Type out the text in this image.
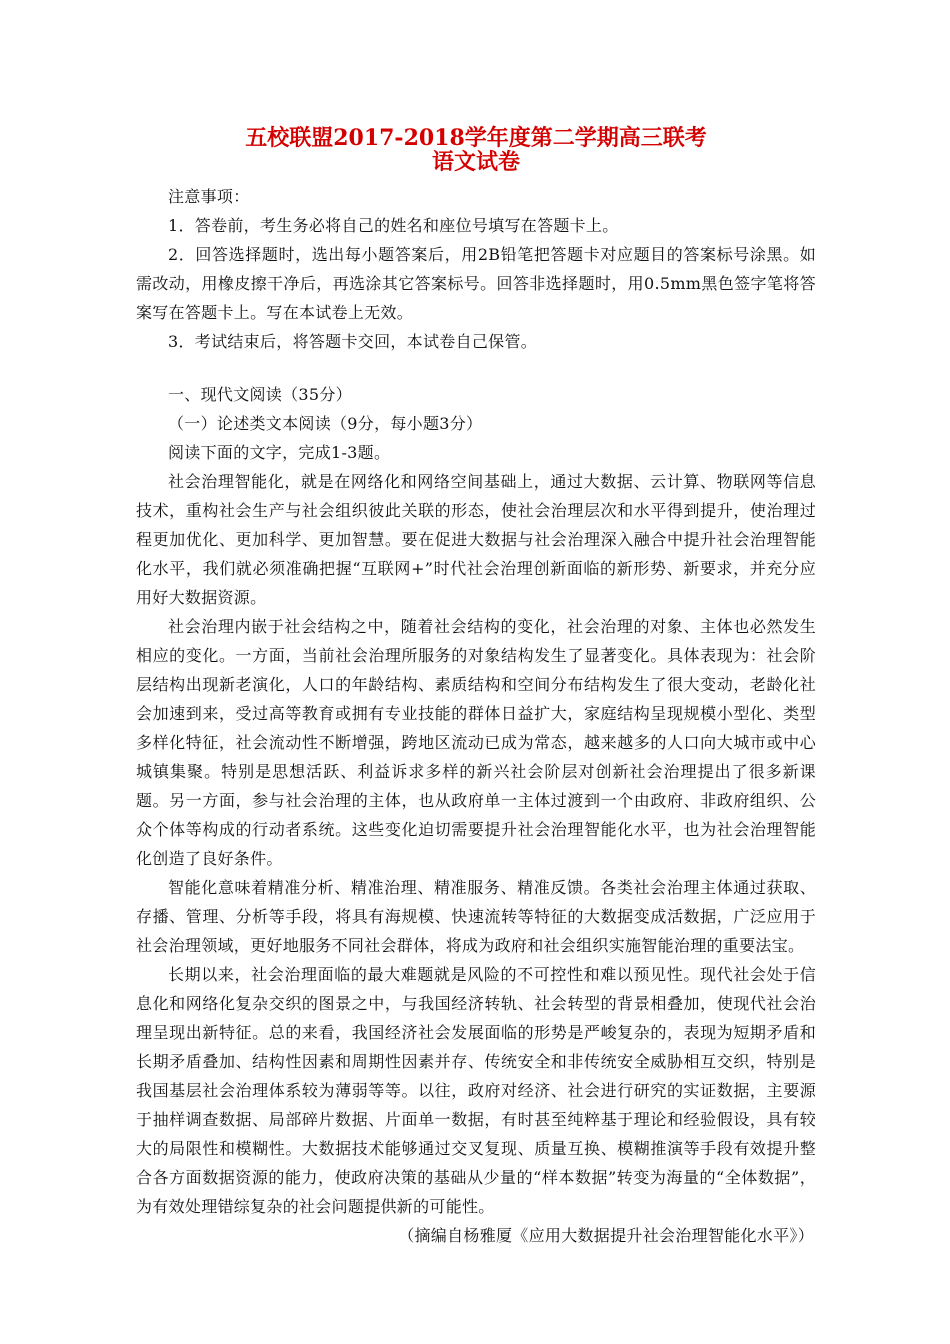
五校联盟2017-2018学年度第二学期高三联考
语文试卷

注意事项：

1．答卷前，考生务必将自己的姓名和座位号填写在答题卡上。

2．回答选择题时，选出每小题答案后，用2B铅笔把答题卡对应题目的答案标号涂黑。如需改动，用橡皮擦干净后，再选涂其它答案标号。回答非选择题时，用0.5mm黑色签字笔将答案写在答题卡上。写在本试卷上无效。

3．考试结束后，将答题卡交回，本试卷自己保管。

一、现代文阅读（35分）

（一）论述类文本阅读（9分，每小题3分）

阅读下面的文字，完成1-3题。

社会治理智能化，就是在网络化和网络空间基础上，通过大数据、云计算、物联网等信息技术，重构社会生产与社会组织彼此关联的形态，使社会治理层次和水平得到提升，使治理过程更加优化、更加科学、更加智慧。要在促进大数据与社会治理深入融合中提升社会治理智能化水平，我们就必须准确把握“互联网+”时代社会治理创新面临的新形势、新要求，并充分应用好大数据资源。

社会治理内嵌于社会结构之中，随着社会结构的变化，社会治理的对象、主体也必然发生相应的变化。一方面，当前社会治理所服务的对象结构发生了显著变化。具体表现为：社会阶层结构出现新老演化，人口的年龄结构、素质结构和空间分布结构发生了很大变动，老龄化社会加速到来，受过高等教育或拥有专业技能的群体日益扩大，家庭结构呈现规模小型化、类型多样化特征，社会流动性不断增强，跨地区流动已成为常态，越来越多的人口向大城市或中心城镇集聚。特别是思想活跃、利益诉求多样的新兴社会阶层对创新社会治理提出了很多新课题。另一方面，参与社会治理的主体，也从政府单一主体过渡到一个由政府、非政府组织、公众个体等构成的行动者系统。这些变化迫切需要提升社会治理智能化水平，也为社会治理智能化创造了良好条件。

智能化意味着精准分析、精准治理、精准服务、精准反馈。各类社会治理主体通过获取、存播、管理、分析等手段，将具有海规模、快速流转等特征的大数据变成活数据，广泛应用于社会治理领域，更好地服务不同社会群体，将成为政府和社会组织实施智能治理的重要法宝。

长期以来，社会治理面临的最大难题就是风险的不可控性和难以预见性。现代社会处于信息化和网络化复杂交织的图景之中，与我国经济转轨、社会转型的背景相叠加，使现代社会治理呈现出新特征。总的来看，我国经济社会发展面临的形势是严峻复杂的，表现为短期矛盾和长期矛盾叠加、结构性因素和周期性因素并存、传统安全和非传统安全威胁相互交织，特别是我国基层社会治理体系较为薄弱等等。以往，政府对经济、社会进行研究的实证数据，主要源于抽样调查数据、局部碎片数据、片面单一数据，有时甚至纯粹基于理论和经验假设，具有较大的局限性和模糊性。大数据技术能够通过交叉复现、质量互换、模糊推演等手段有效提升整合各方面数据资源的能力，使政府决策的基础从少量的“样本数据”转变为海量的“全体数据”，为有效处理错综复杂的社会问题提供新的可能性。

（摘编自杨雅厦《应用大数据提升社会治理智能化水平》）
